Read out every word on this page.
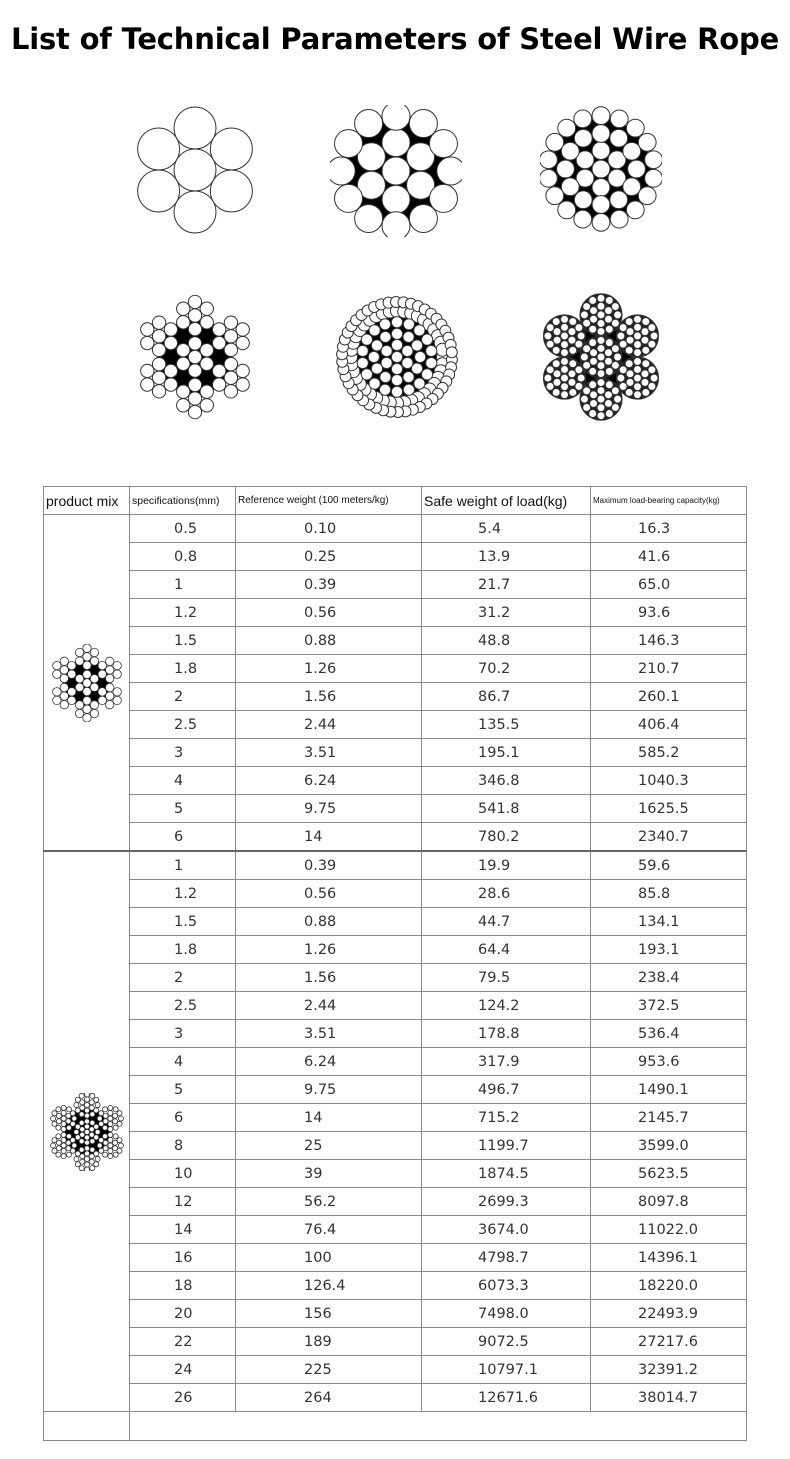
List of Technical Parameters of Steel Wire Rope
product mix	specifications(mm)	Reference weight (100 meters/kg)	Safe weight of load(kg)	Maximum load-bearing capacity(kg)

	0.5	0.10	5.4	16.3
	0.8	0.25	13.9	41.6
	1	0.39	21.7	65.0
	1.2	0.56	31.2	93.6
	1.5	0.88	48.8	146.3
	1.8	1.26	70.2	210.7
	2	1.56	86.7	260.1
	2.5	2.44	135.5	406.4
	3	3.51	195.1	585.2
	4	6.24	346.8	1040.3
	5	9.75	541.8	1625.5
	6	14	780.2	2340.7

	1	0.39	19.9	59.6
	1.2	0.56	28.6	85.8
	1.5	0.88	44.7	134.1
	1.8	1.26	64.4	193.1
	2	1.56	79.5	238.4
	2.5	2.44	124.2	372.5
	3	3.51	178.8	536.4
	4	6.24	317.9	953.6
	5	9.75	496.7	1490.1
	6	14	715.2	2145.7
	8	25	1199.7	3599.0
	10	39	1874.5	5623.5
	12	56.2	2699.3	8097.8
	14	76.4	3674.0	11022.0
	16	100	4798.7	14396.1
	18	126.4	6073.3	18220.0
	20	156	7498.0	22493.9
	22	189	9072.5	27217.6
	24	225	10797.1	32391.2
	26	264	12671.6	38014.7
